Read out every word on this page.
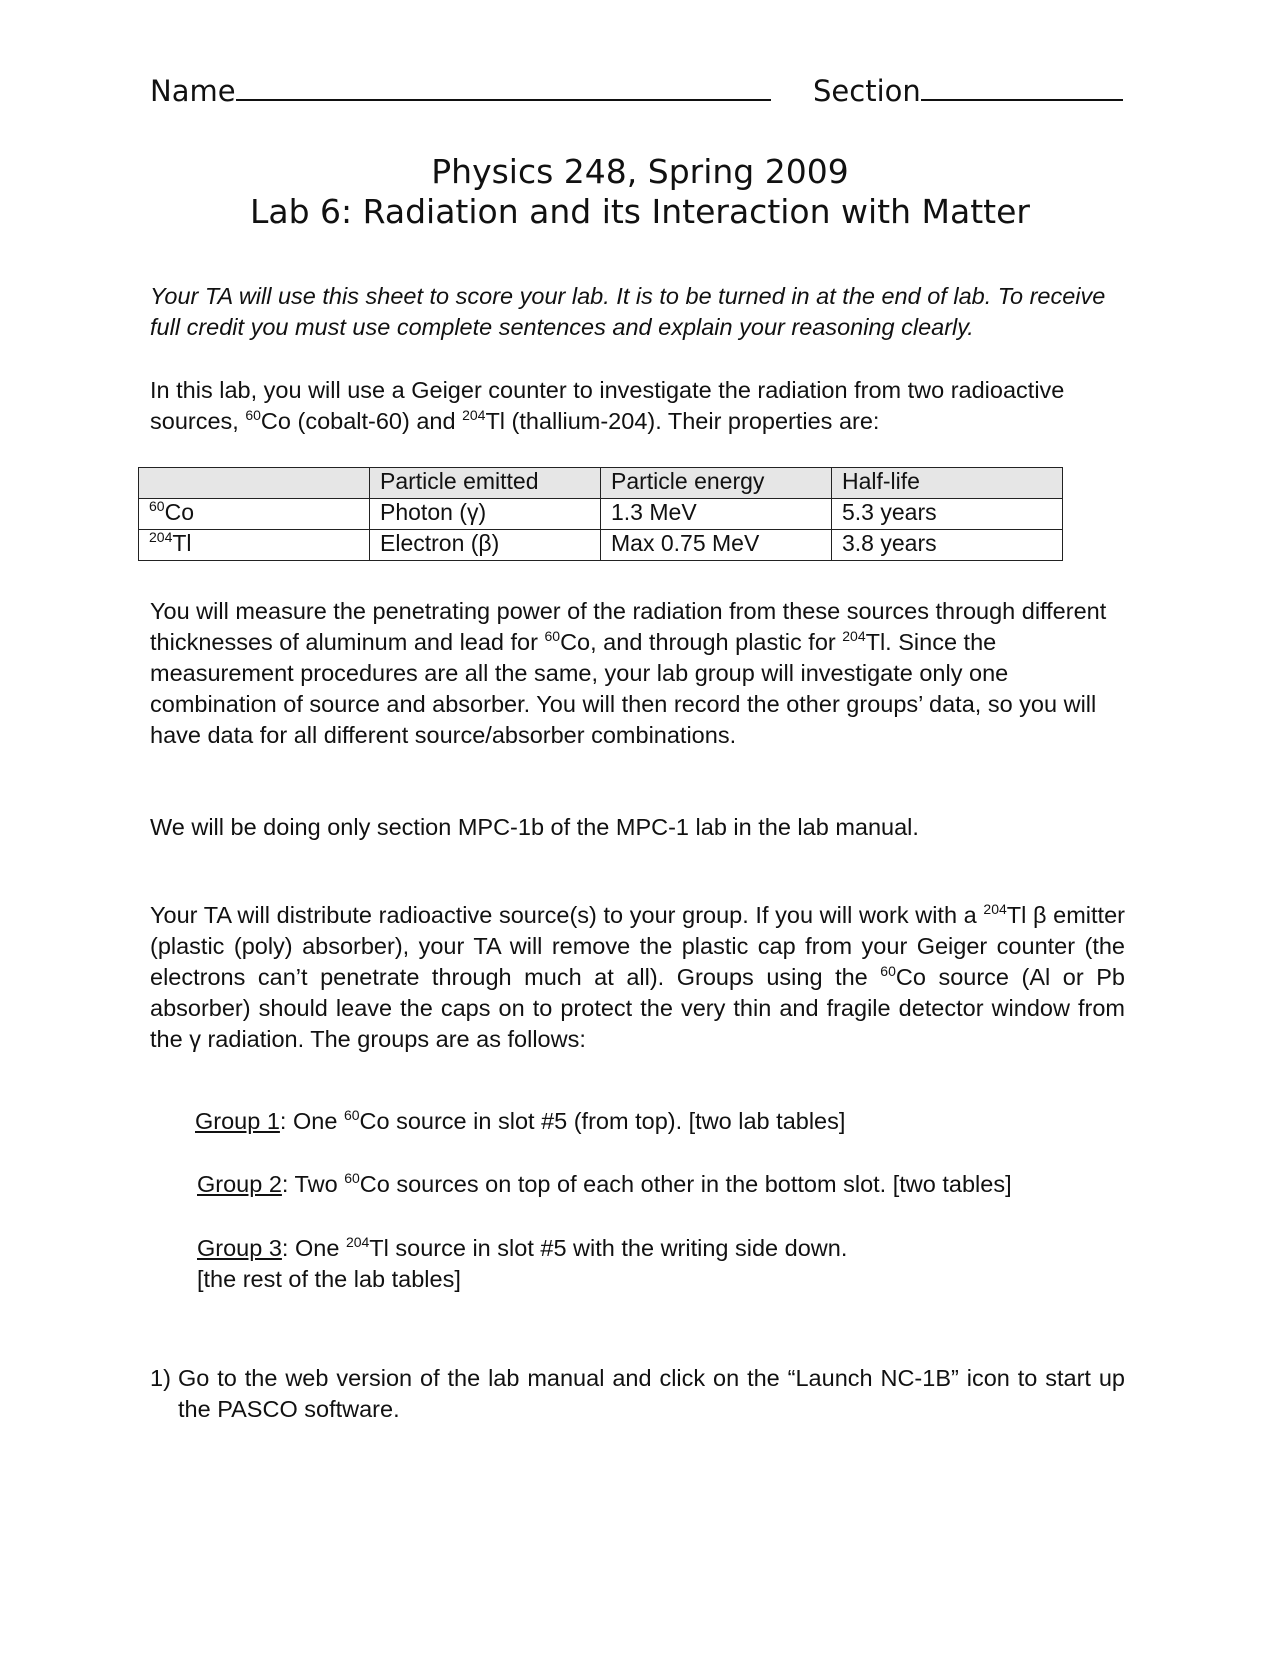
Name	Section
Physics 248, Spring 2009
Lab 6: Radiation and its Interaction with Matter
Your TA will use this sheet to score your lab. It is to be turned in at the end of lab. To receive full credit you must use complete sentences and explain your reasoning clearly.
In this lab, you will use a Geiger counter to investigate the radiation from two radioactive sources, $^{60}$Co (cobalt-60) and $^{204}$Tl (thallium-204). Their properties are:
	Particle emitted	Particle energy	Half-life
$^{60}$Co	Photon (γ)	1.3 MeV	5.3 years
$^{204}$Tl	Electron (β)	Max 0.75 MeV	3.8 years
You will measure the penetrating power of the radiation from these sources through different thicknesses of aluminum and lead for $^{60}$Co, and through plastic for $^{204}$Tl. Since the measurement procedures are all the same, your lab group will investigate only one combination of source and absorber. You will then record the other groups’ data, so you will have data for all different source/absorber combinations.
We will be doing only section MPC-1b of the MPC-1 lab in the lab manual.
Your TA will distribute radioactive source(s) to your group. If you will work with a $^{204}$Tl β emitter (plastic (poly) absorber), your TA will remove the plastic cap from your Geiger counter (the electrons can’t penetrate through much at all). Groups using the $^{60}$Co source (Al or Pb absorber) should leave the caps on to protect the very thin and fragile detector window from the γ radiation. The groups are as follows:
Group 1: One $^{60}$Co source in slot #5 (from top). [two lab tables]
Group 2: Two $^{60}$Co sources on top of each other in the bottom slot. [two tables]
Group 3: One $^{204}$Tl source in slot #5 with the writing side down.
[the rest of the lab tables]
1) Go to the web version of the lab manual and click on the “Launch NC-1B” icon to start up the PASCO software.
